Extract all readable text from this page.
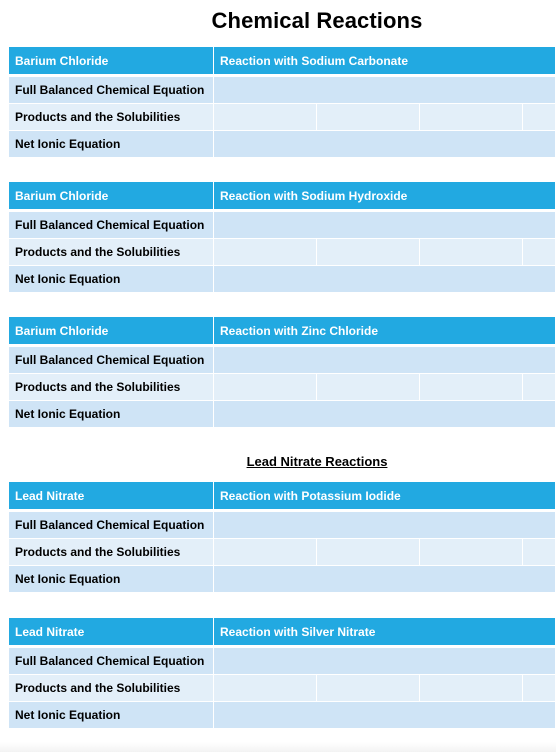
Chemical Reactions
Barium Chloride	Reaction with Sodium Carbonate			

Full Balanced Chemical Equation				
Products and the Solubilities				
Net Ionic Equation				
Barium Chloride	Reaction with Sodium Hydroxide			

Full Balanced Chemical Equation				
Products and the Solubilities				
Net Ionic Equation				
Barium Chloride	Reaction with Zinc Chloride			

Full Balanced Chemical Equation				
Products and the Solubilities				
Net Ionic Equation				
Lead Nitrate Reactions
Lead Nitrate	Reaction with Potassium Iodide			

Full Balanced Chemical Equation				
Products and the Solubilities				
Net Ionic Equation				
Lead Nitrate	Reaction with Silver Nitrate			

Full Balanced Chemical Equation				
Products and the Solubilities				
Net Ionic Equation				
